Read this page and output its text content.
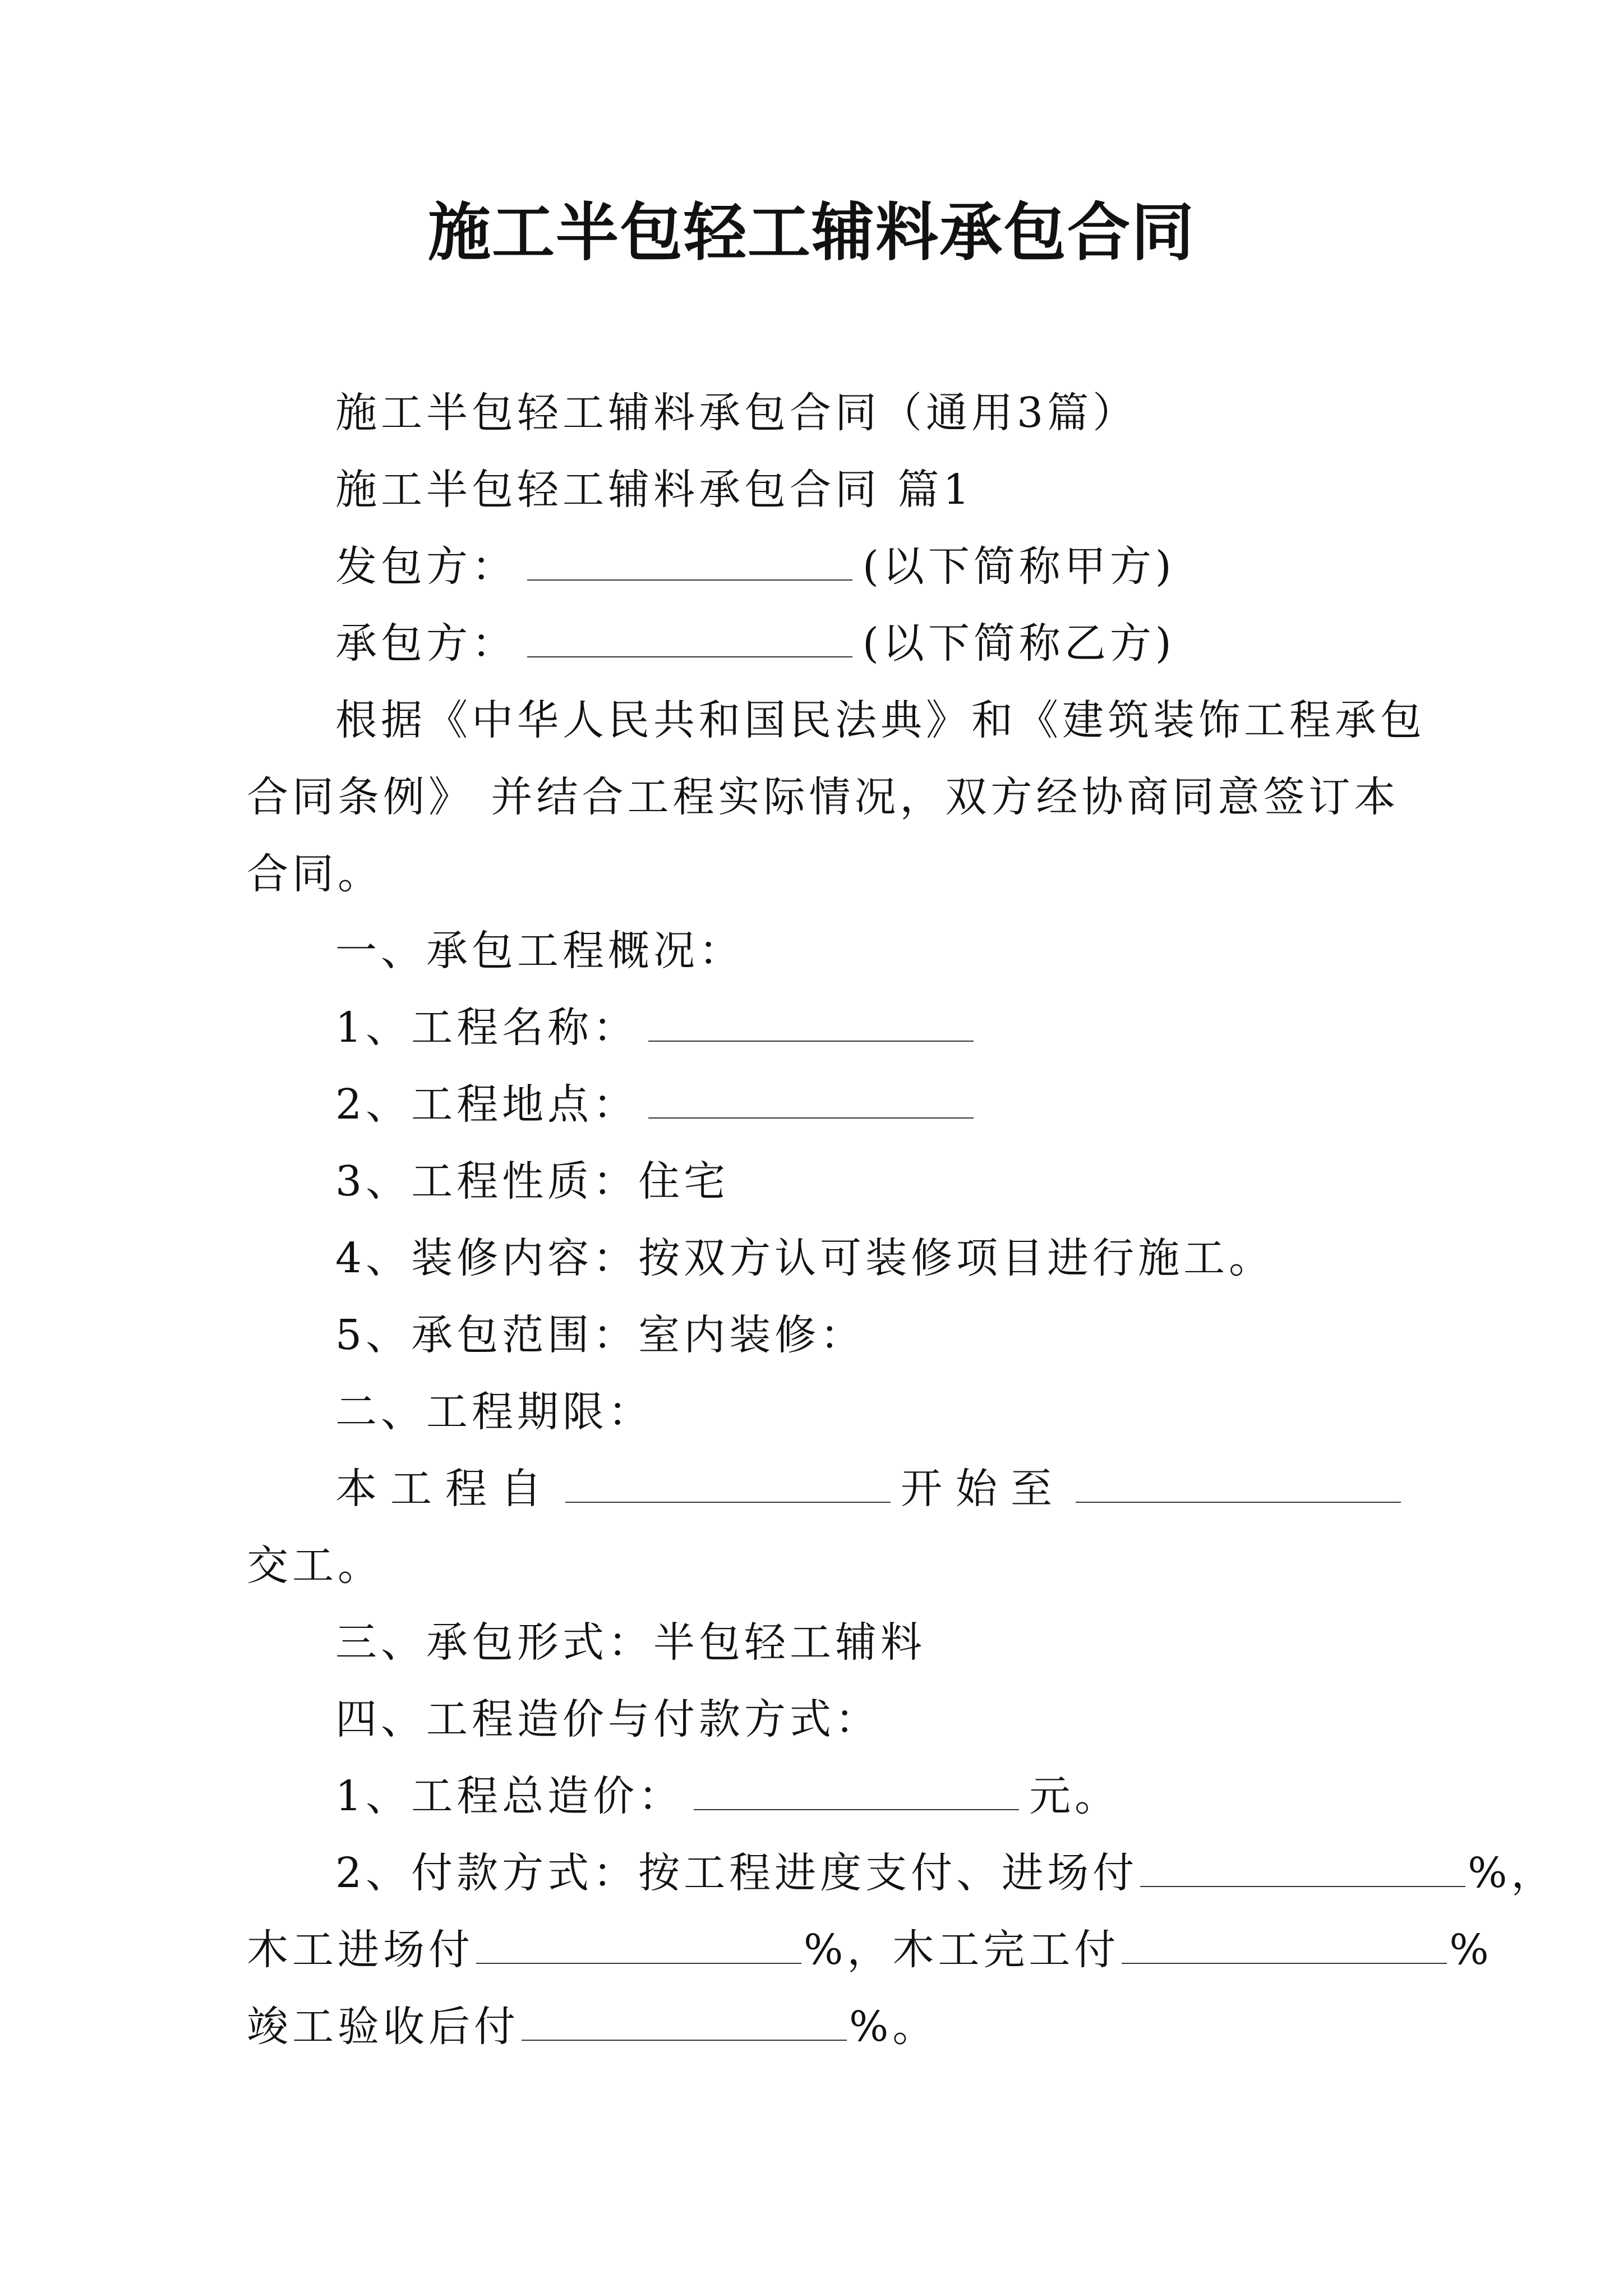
施工半包轻工辅料承包合同
施工半包轻工辅料承包合同（通用3篇）
施工半包轻工辅料承包合同 篇1
发包方：	(以下简称甲方)
承包方：	(以下简称乙方)
根据《中华人民共和国民法典》和《建筑装饰工程承包
合同条例》 并结合工程实际情况，双方经协商同意签订本
合同。
一、承包工程概况：
1、工程名称：
2、工程地点：
3、工程性质：住宅
4、装修内容：按双方认可装修项目进行施工。
5、承包范围：室内装修：
二、工程期限：
本工程自	开始至
交工。
三、承包形式：半包轻工辅料
四、工程造价与付款方式：
1、工程总造价：	元。
2、付款方式：按工程进度支付、进场付	%，
木工进场付	%，木工完工付	%
竣工验收后付	%。
